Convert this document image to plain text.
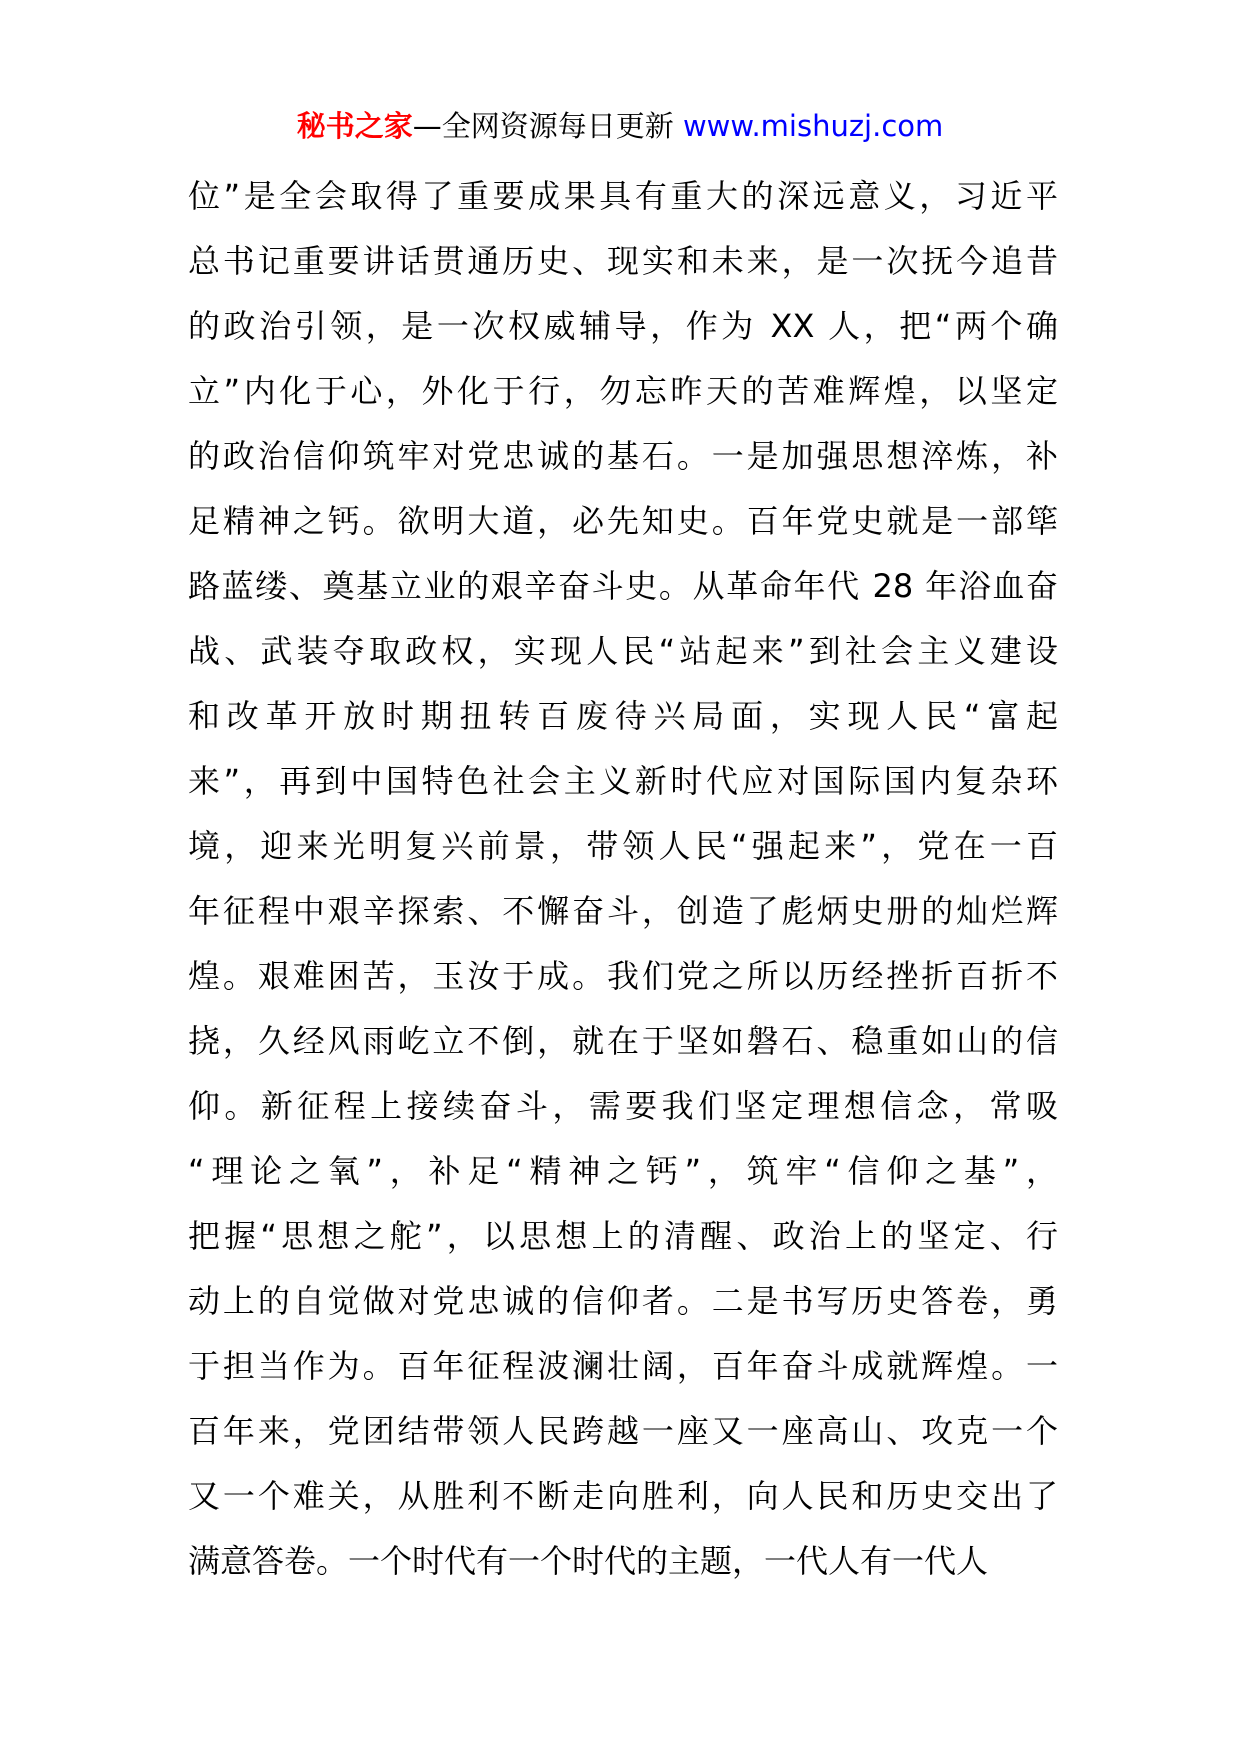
秘书之家—全网资源每日更新 www.mishuzj.com
位”是全会取得了重要成果具有重大的深远意义，习近平
总书记重要讲话贯通历史、现实和未来，是一次抚今追昔
的政治引领，是一次权威辅导，作为 XX 人，把“两个确
立”内化于心，外化于行，勿忘昨天的苦难辉煌，以坚定
的政治信仰筑牢对党忠诚的基石。一是加强思想淬炼，补
足精神之钙。欲明大道，必先知史。百年党史就是一部筚
路蓝缕、奠基立业的艰辛奋斗史。从革命年代 28 年浴血奋
战、武装夺取政权，实现人民“站起来”到社会主义建设
和改革开放时期扭转百废待兴局面，实现人民“富起
来”，再到中国特色社会主义新时代应对国际国内复杂环
境，迎来光明复兴前景，带领人民“强起来”，党在一百
年征程中艰辛探索、不懈奋斗，创造了彪炳史册的灿烂辉
煌。艰难困苦，玉汝于成。我们党之所以历经挫折百折不
挠，久经风雨屹立不倒，就在于坚如磐石、稳重如山的信
仰。新征程上接续奋斗，需要我们坚定理想信念，常吸
“理论之氧”，补足“精神之钙”，筑牢“信仰之基”，
把握“思想之舵”，以思想上的清醒、政治上的坚定、行
动上的自觉做对党忠诚的信仰者。二是书写历史答卷，勇
于担当作为。百年征程波澜壮阔，百年奋斗成就辉煌。一
百年来，党团结带领人民跨越一座又一座高山、攻克一个
又一个难关，从胜利不断走向胜利，向人民和历史交出了
满意答卷。一个时代有一个时代的主题，一代人有一代人
